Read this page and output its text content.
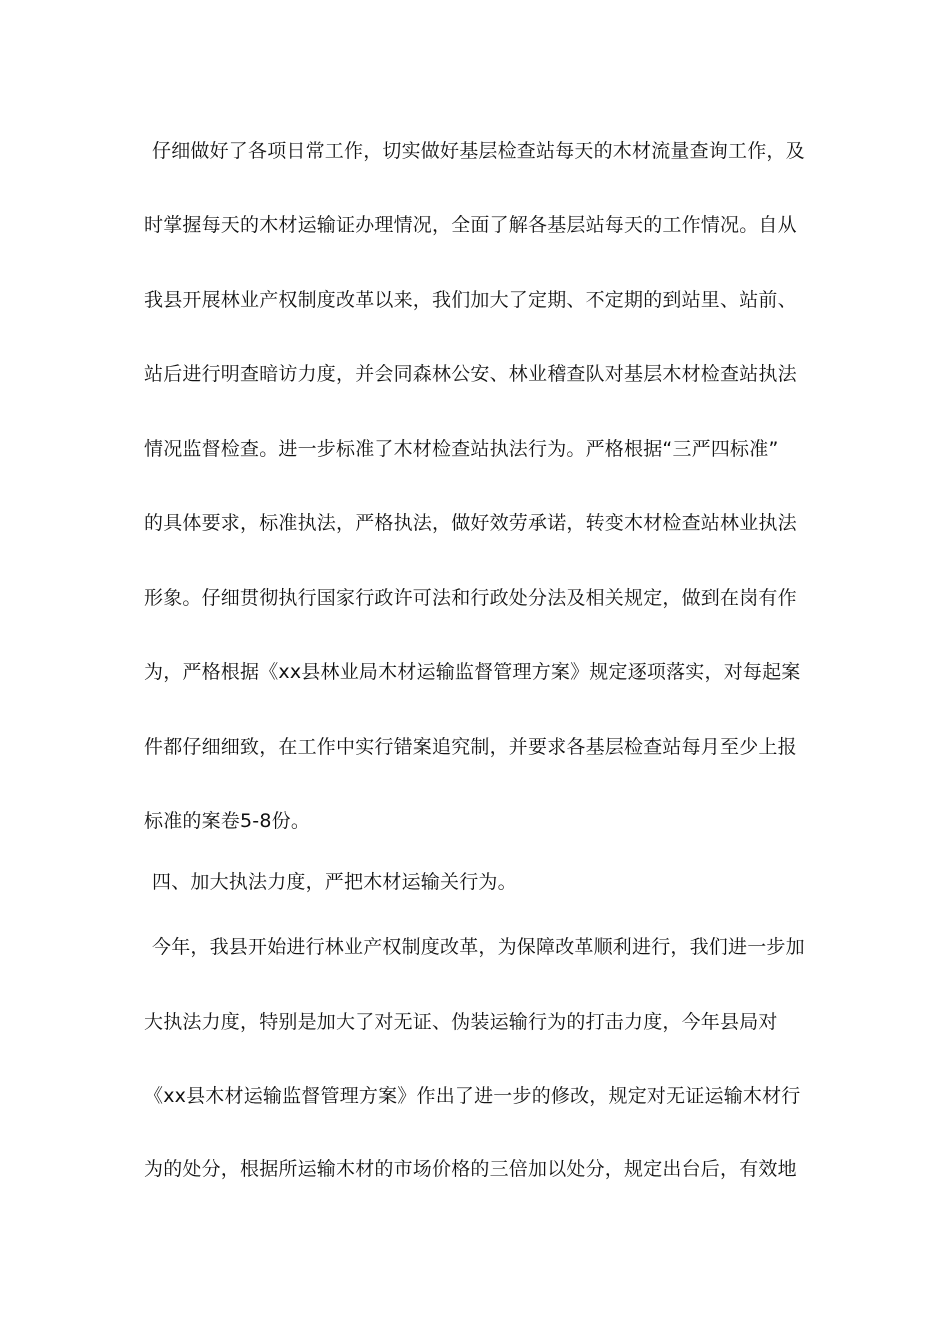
仔细做好了各项日常工作，切实做好基层检查站每天的木材流量查询工作，及
时掌握每天的木材运输证办理情况，全面了解各基层站每天的工作情况。自从
我县开展林业产权制度改革以来，我们加大了定期、不定期的到站里、站前、
站后进行明查暗访力度，并会同森林公安、林业稽查队对基层木材检查站执法
情况监督检查。进一步标准了木材检查站执法行为。严格根据“三严四标准”
的具体要求，标准执法，严格执法，做好效劳承诺，转变木材检查站林业执法
形象。仔细贯彻执行国家行政许可法和行政处分法及相关规定，做到在岗有作
为，严格根据《xx县林业局木材运输监督管理方案》规定逐项落实，对每起案
件都仔细细致，在工作中实行错案追究制，并要求各基层检查站每月至少上报
标准的案卷5-8份。
四、加大执法力度，严把木材运输关行为。
今年，我县开始进行林业产权制度改革，为保障改革顺利进行，我们进一步加
大执法力度，特别是加大了对无证、伪装运输行为的打击力度，今年县局对
《xx县木材运输监督管理方案》作出了进一步的修改，规定对无证运输木材行
为的处分，根据所运输木材的市场价格的三倍加以处分，规定出台后，有效地
